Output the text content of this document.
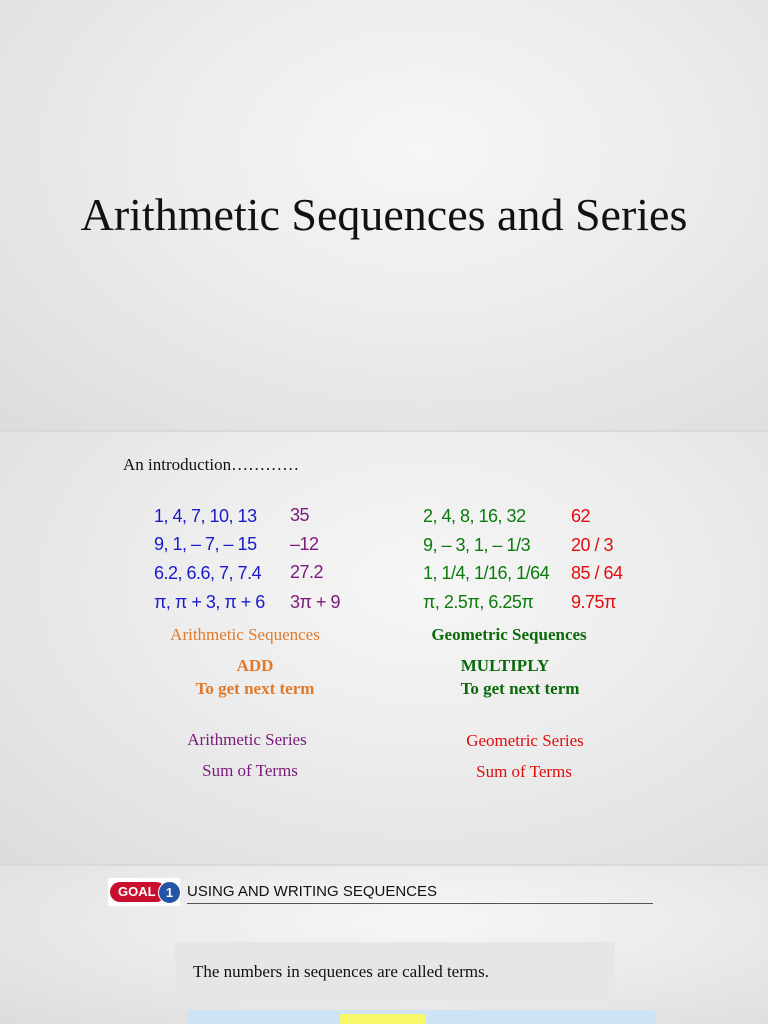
Arithmetic Sequences and Series
An introduction…………
1, 4, 7, 10, 13 35
9, 1, – 7, – 15 –12
6.2, 6.6, 7, 7.4 27.2
π, π + 3, π + 6 3π + 9
2, 4, 8, 16, 32	62
9, – 3, 1, – 1/3 20 / 3
1, 1/4, 1/16, 1/64 85 / 64
π, 2.5π, 6.25π 9.75π
Arithmetic Sequences
ADD
To get next term
Geometric Sequences
MULTIPLY
To get next term
Arithmetic Series
Sum of Terms
Geometric Series
Sum of Terms
GOAL 1 USING AND WRITING SEQUENCES
The numbers in sequences are called terms.
